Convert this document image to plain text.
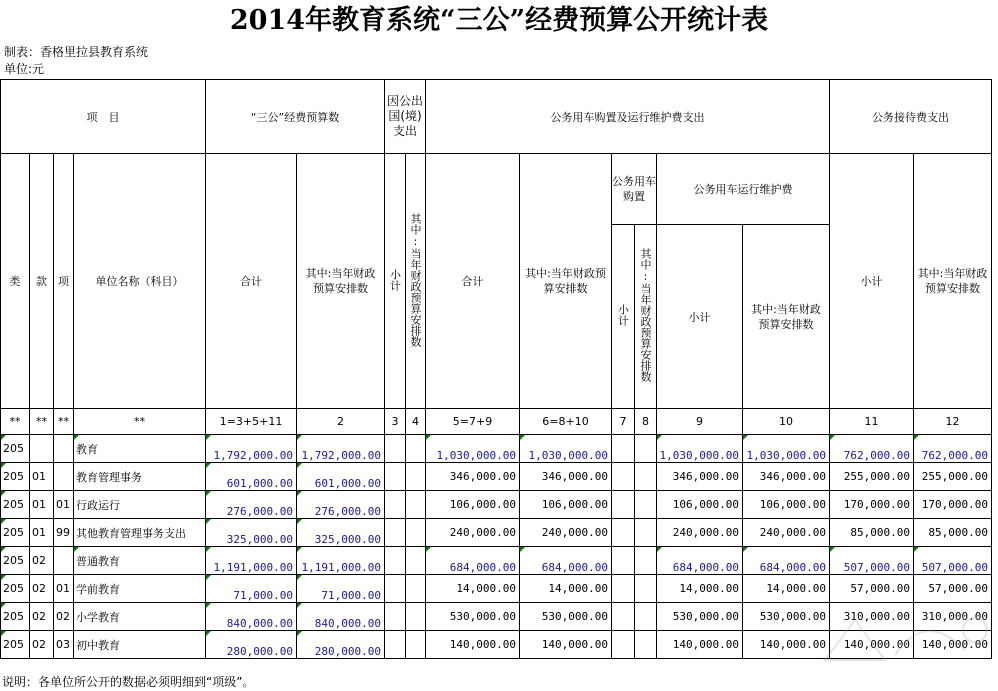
2014年教育系统“三公”经费预算公开统计表
制表：香格里拉县教育系统
单位:元
项　目				“三公”经费预算数		因公出国(境)支出		公务用车购置及运行维护费支出						公务接待费支出	
类	款	项	单位名称（科目）	合计	其中:当年财政预算安排数	小计	其中:当年财政预算安排数	合计	其中:当年财政预算安排数	公务用车购置		公务用车运行维护费		小计	其中:当年财政预算安排数
										小计	其中:当年财政预算安排数	小计	其中:当年财政预算安排数		
**	**	**	**	1=3+5+11	2	3	4	5=7+9	6=8+10	7	8	9	10	11	12
205			教育	1,792,000.00	1,792,000.00			1,030,000.00	1,030,000.00			1,030,000.00	1,030,000.00	762,000.00	762,000.00
205	01		教育管理事务	601,000.00	601,000.00			346,000.00	346,000.00			346,000.00	346,000.00	255,000.00	255,000.00
205	01	01	行政运行	276,000.00	276,000.00			106,000.00	106,000.00			106,000.00	106,000.00	170,000.00	170,000.00
205	01	99	其他教育管理事务支出	325,000.00	325,000.00			240,000.00	240,000.00			240,000.00	240,000.00	85,000.00	85,000.00
205	02		普通教育	1,191,000.00	1,191,000.00			684,000.00	684,000.00			684,000.00	684,000.00	507,000.00	507,000.00
205	02	01	学前教育	71,000.00	71,000.00			14,000.00	14,000.00			14,000.00	14,000.00	57,000.00	57,000.00
205	02	02	小学教育	840,000.00	840,000.00			530,000.00	530,000.00			530,000.00	530,000.00	310,000.00	310,000.00
205	02	03	初中教育	280,000.00	280,000.00			140,000.00	140,000.00			140,000.00	140,000.00	140,000.00	140,000.00
说明：各单位所公开的数据必须明细到“项级”。
